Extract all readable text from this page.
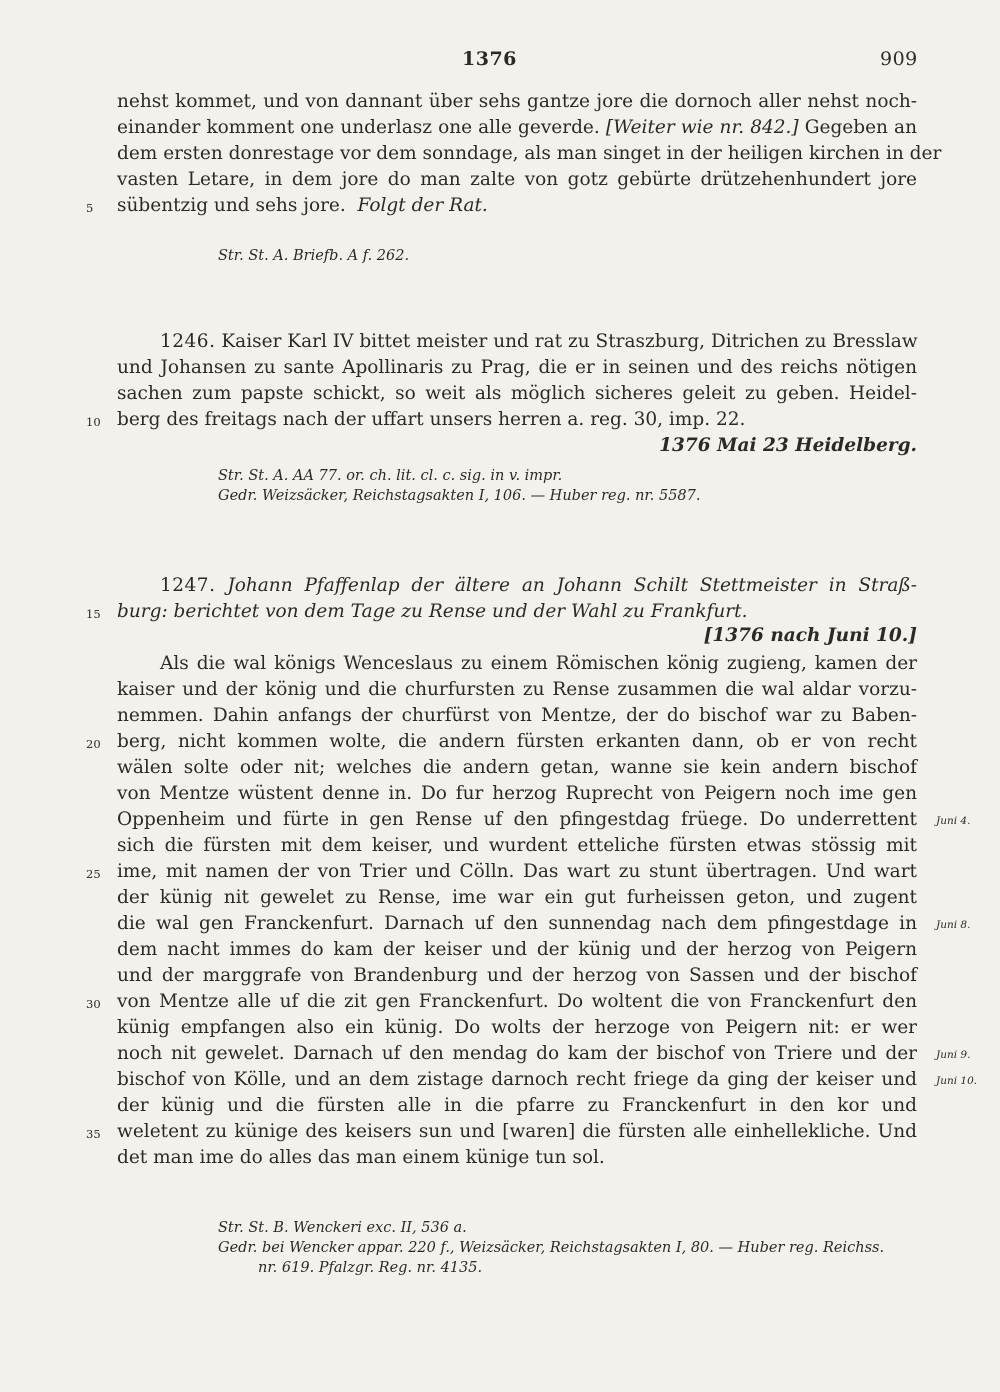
1376	909
nehst kommet, und von dannant über sehs gantze jore die dornoch aller nehst noch-
einander komment one underlasz one alle geverde. [Weiter wie nr. 842.] Gegeben an
dem ersten donrestage vor dem sonndage, als man singet in der heiligen kirchen in der
vasten Letare, in dem jore do man zalte von gotz gebürte drützehenhundert jore
sübentzig und sehs jore. Folgt der Rat.
Str. St. A. Briefb. A f. 262.
1246. Kaiser Karl IV bittet meister und rat zu Straszburg, Ditrichen zu Bresslaw
und Johansen zu sante Apollinaris zu Prag, die er in seinen und des reichs nötigen
sachen zum papste schickt, so weit als möglich sicheres geleit zu geben. Heidel-
berg des freitags nach der uffart unsers herren a. reg. 30, imp. 22.
1376 Mai 23 Heidelberg.
Str. St. A. AA 77. or. ch. lit. cl. c. sig. in v. impr.
Gedr. Weizsäcker, Reichstagsakten I, 106. — Huber reg. nr. 5587.
1247. Johann Pfaffenlap der ältere an Johann Schilt Stettmeister in Straß-
burg: berichtet von dem Tage zu Rense und der Wahl zu Frankfurt.
[1376 nach Juni 10.]
Als die wal königs Wenceslaus zu einem Römischen könig zugieng, kamen der
kaiser und der könig und die churfursten zu Rense zusammen die wal aldar vorzu-
nemmen. Dahin anfangs der churfürst von Mentze, der do bischof war zu Baben-
berg, nicht kommen wolte, die andern fürsten erkanten dann, ob er von recht
wälen solte oder nit; welches die andern getan, wanne sie kein andern bischof
von Mentze wüstent denne in. Do fur herzog Ruprecht von Peigern noch ime gen
Oppenheim und fürte in gen Rense uf den pfingestdag früege. Do underrettent
sich die fürsten mit dem keiser, und wurdent etteliche fürsten etwas stössig mit
ime, mit namen der von Trier und Cölln. Das wart zu stunt übertragen. Und wart
der künig nit gewelet zu Rense, ime war ein gut furheissen geton, und zugent
die wal gen Franckenfurt. Darnach uf den sunnendag nach dem pfingestdage in
dem nacht immes do kam der keiser und der künig und der herzog von Peigern
und der marggrafe von Brandenburg und der herzog von Sassen und der bischof
von Mentze alle uf die zit gen Franckenfurt. Do woltent die von Franckenfurt den
künig empfangen also ein künig. Do wolts der herzoge von Peigern nit: er wer
noch nit gewelet. Darnach uf den mendag do kam der bischof von Triere und der
bischof von Kölle, und an dem zistage darnoch recht friege da ging der keiser und
der künig und die fürsten alle in die pfarre zu Franckenfurt in den kor und
weletent zu künige des keisers sun und [waren] die fürsten alle einhellekliche. Und
det man ime do alles das man einem künige tun sol.
Str. St. B. Wenckeri exc. II, 536 a.
Gedr. bei Wencker appar. 220 f., Weizsäcker, Reichstagsakten I, 80. — Huber reg. Reichss.
nr. 619. Pfalzgr. Reg. nr. 4135.
5
10
15
20
25
30
35
Juni 4.
Juni 8.
Juni 9.
Juni 10.
